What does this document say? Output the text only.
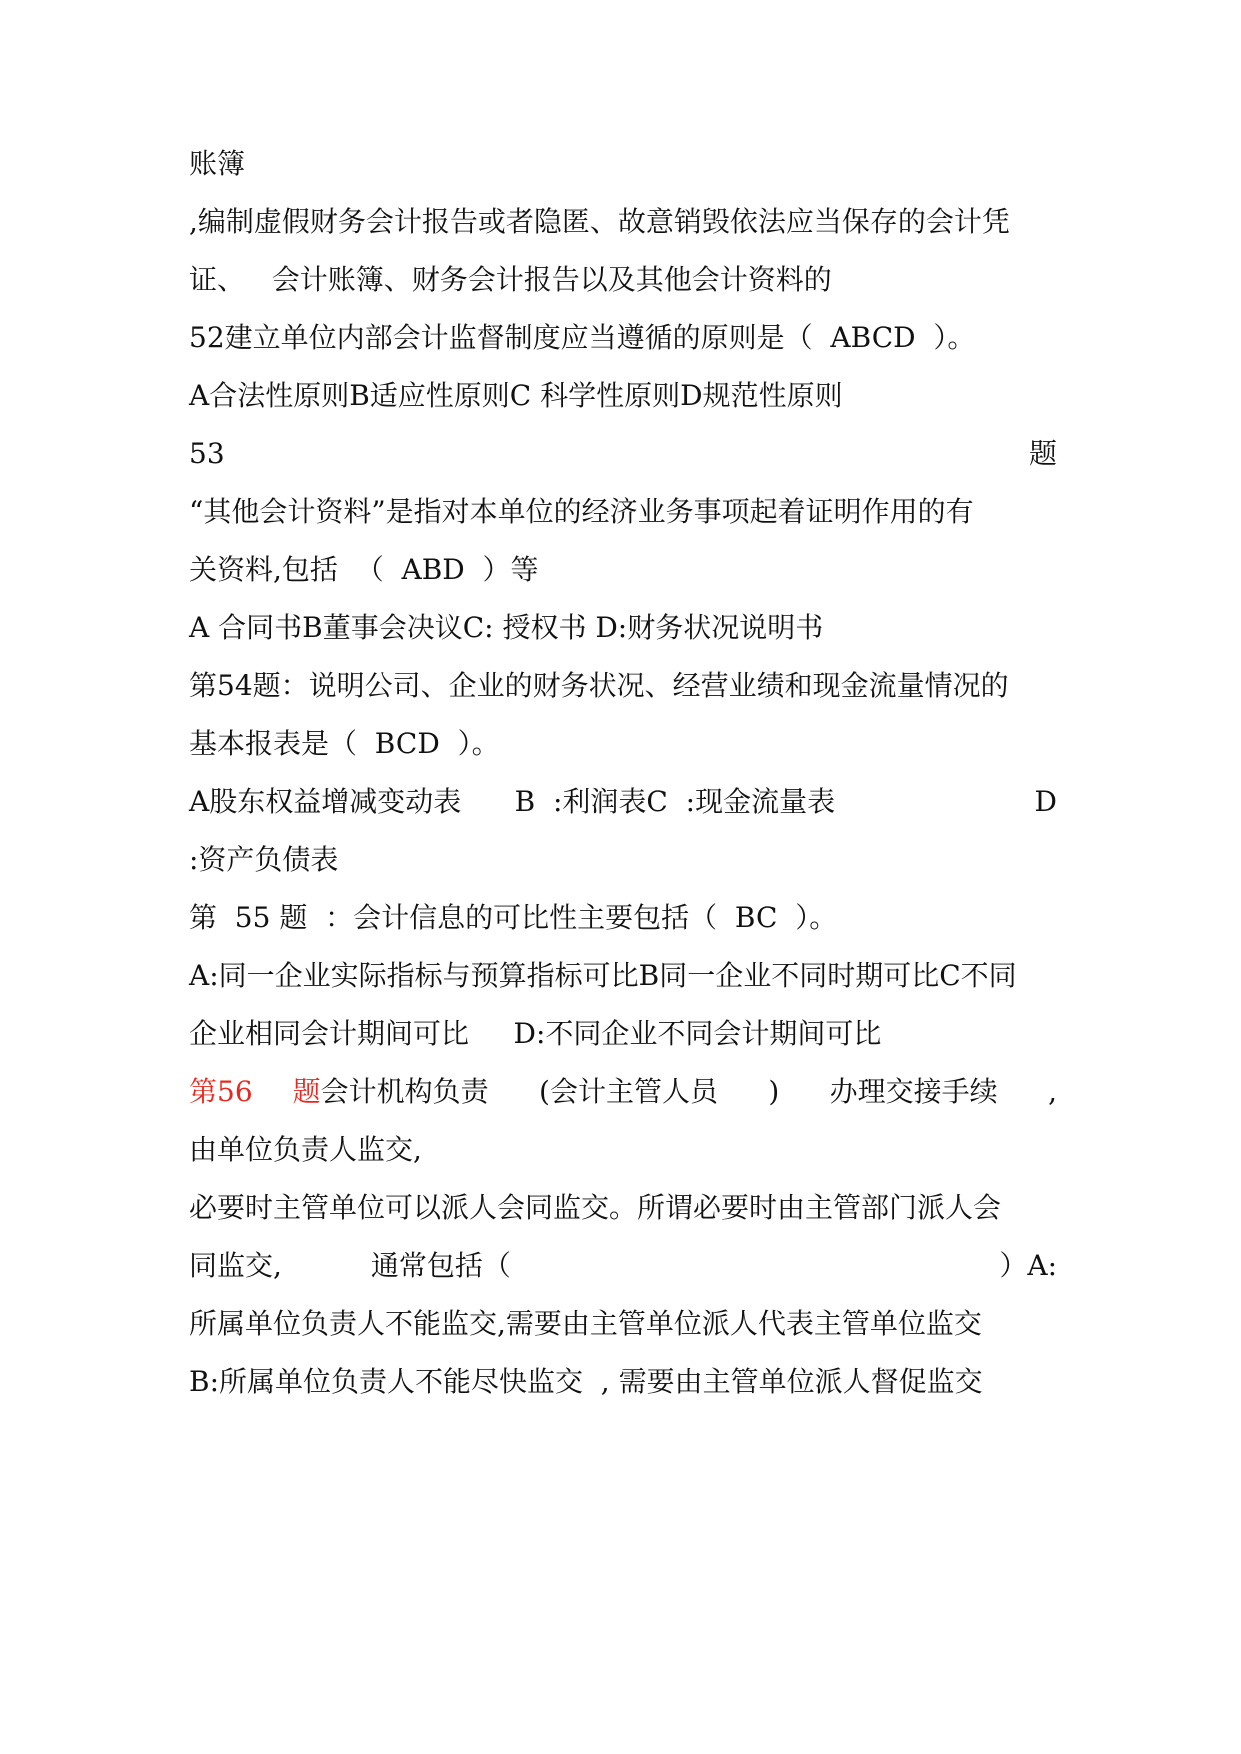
账簿
,编制虚假财务会计报告或者隐匿、故意销毁依法应当保存的会计凭
证、   会计账簿、财务会计报告以及其他会计资料的
52建立单位内部会计监督制度应当遵循的原则是（  ABCD  ）。
A合法性原则B适应性原则C 科学性原则D规范性原则
53	题
“其他会计资料”是指对本单位的经济业务事项起着证明作用的有
关资料,包括  （  ABD  ）等
A 合同书B董事会决议C: 授权书 D:财务状况说明书
第54题：说明公司、企业的财务状况、经营业绩和现金流量情况的
基本报表是（  BCD  ）。
A股东权益增减变动表      B  :利润表C  :现金流量表	D
:资产负债表
第  55 题  ：会计信息的可比性主要包括（  BC  ）。
A:同一企业实际指标与预算指标可比B同一企业不同时期可比C不同
企业相同会计期间可比     D:不同企业不同会计期间可比
第56 题会计机构负责 (会计主管人员 ) 办理交接手续 ,
由单位负责人监交,
必要时主管单位可以派人会同监交。所谓必要时由主管部门派人会
同监交,          通常包括（	）A:
所属单位负责人不能监交,需要由主管单位派人代表主管单位监交
B:所属单位负责人不能尽快监交  , 需要由主管单位派人督促监交
